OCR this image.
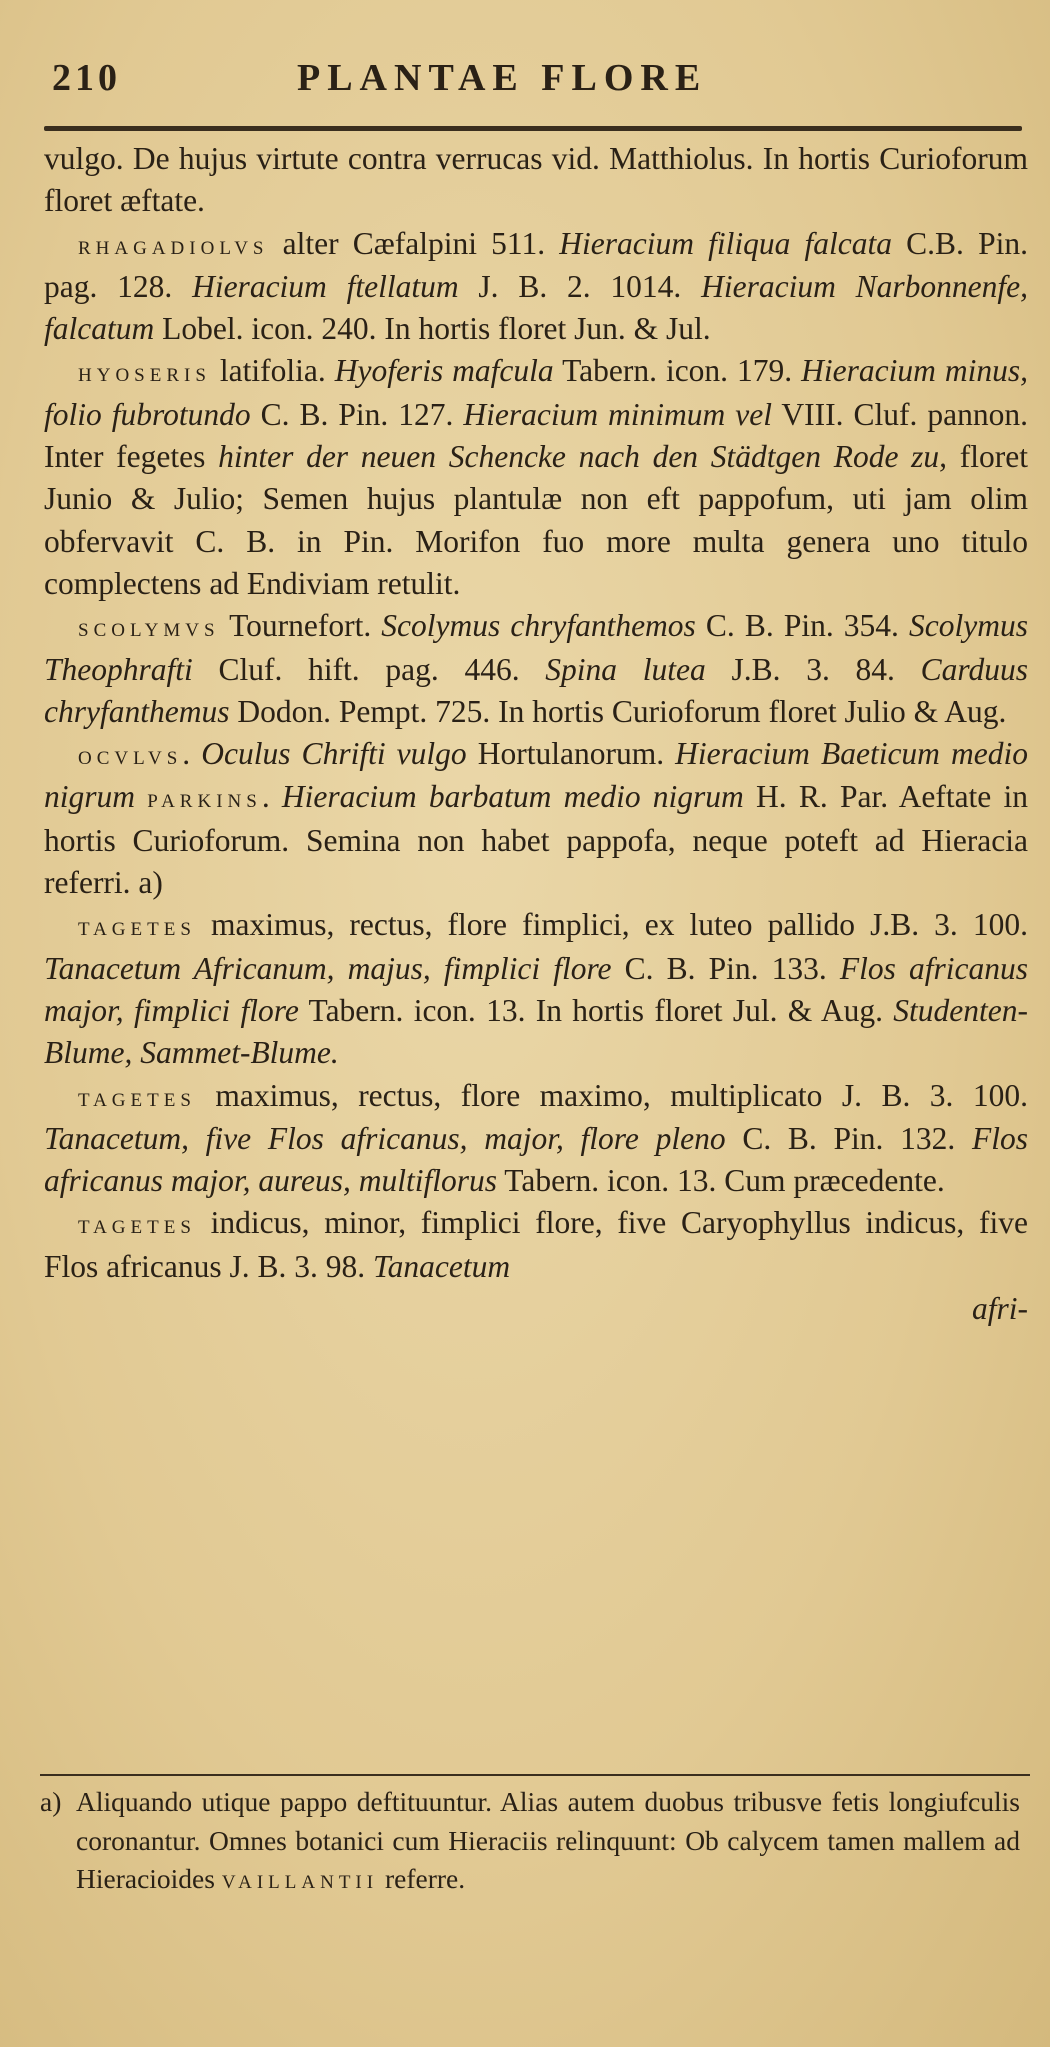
210	PLANTAE FLORE

vulgo. De hujus virtute contra verrucas vid. Matthiolus. In hortis Curioforum floret æftate.

rhagadiolvs alter Cæfalpini 511. Hieracium filiqua falcata C.B. Pin. pag. 128. Hieracium ftellatum J. B. 2. 1014. Hieracium Narbonnenfe, falcatum Lobel. icon. 240. In hortis floret Jun. & Jul.

hyoseris latifolia. Hyoferis mafcula Tabern. icon. 179. Hieracium minus, folio fubrotundo C. B. Pin. 127. Hieracium minimum vel VIII. Cluf. pannon. Inter fegetes hinter der neuen Schencke nach den Städtgen Rode zu, floret Junio & Julio; Semen hujus plantulæ non eft pappofum, uti jam olim obfervavit C. B. in Pin. Morifon fuo more multa genera uno titulo complectens ad Endiviam retulit.

scolymvs Tournefort. Scolymus chryfanthemos C. B. Pin. 354. Scolymus Theophrafti Cluf. hift. pag. 446. Spina lutea J.B. 3. 84. Carduus chryfanthemus Dodon. Pempt. 725. In hortis Curioforum floret Julio & Aug.

ocvlvs. Oculus Chrifti vulgo Hortulanorum. Hieracium Baeticum medio nigrum parkins. Hieracium barbatum medio nigrum H. R. Par. Aeftate in hortis Curioforum. Semina non habet pappofa, neque poteft ad Hieracia referri. a)

tagetes maximus, rectus, flore fimplici, ex luteo pallido J.B. 3. 100. Tanacetum Africanum, majus, fimplici flore C. B. Pin. 133. Flos africanus major, fimplici flore Tabern. icon. 13. In hortis floret Jul. & Aug. Studenten-Blume, Sammet-Blume.

tagetes maximus, rectus, flore maximo, multiplicato J. B. 3. 100. Tanacetum, five Flos africanus, major, flore pleno C. B. Pin. 132. Flos africanus major, aureus, multiflorus Tabern. icon. 13. Cum præcedente.

tagetes indicus, minor, fimplici flore, five Caryophyllus indicus, five Flos africanus J. B. 3. 98. Tanacetum

afri-

a) Aliquando utique pappo deftituuntur. Alias autem duobus tribusve fetis longiufculis coronantur. Omnes botanici cum Hieraciis relinquunt: Ob calycem tamen mallem ad Hieracioides vaillantii referre.
